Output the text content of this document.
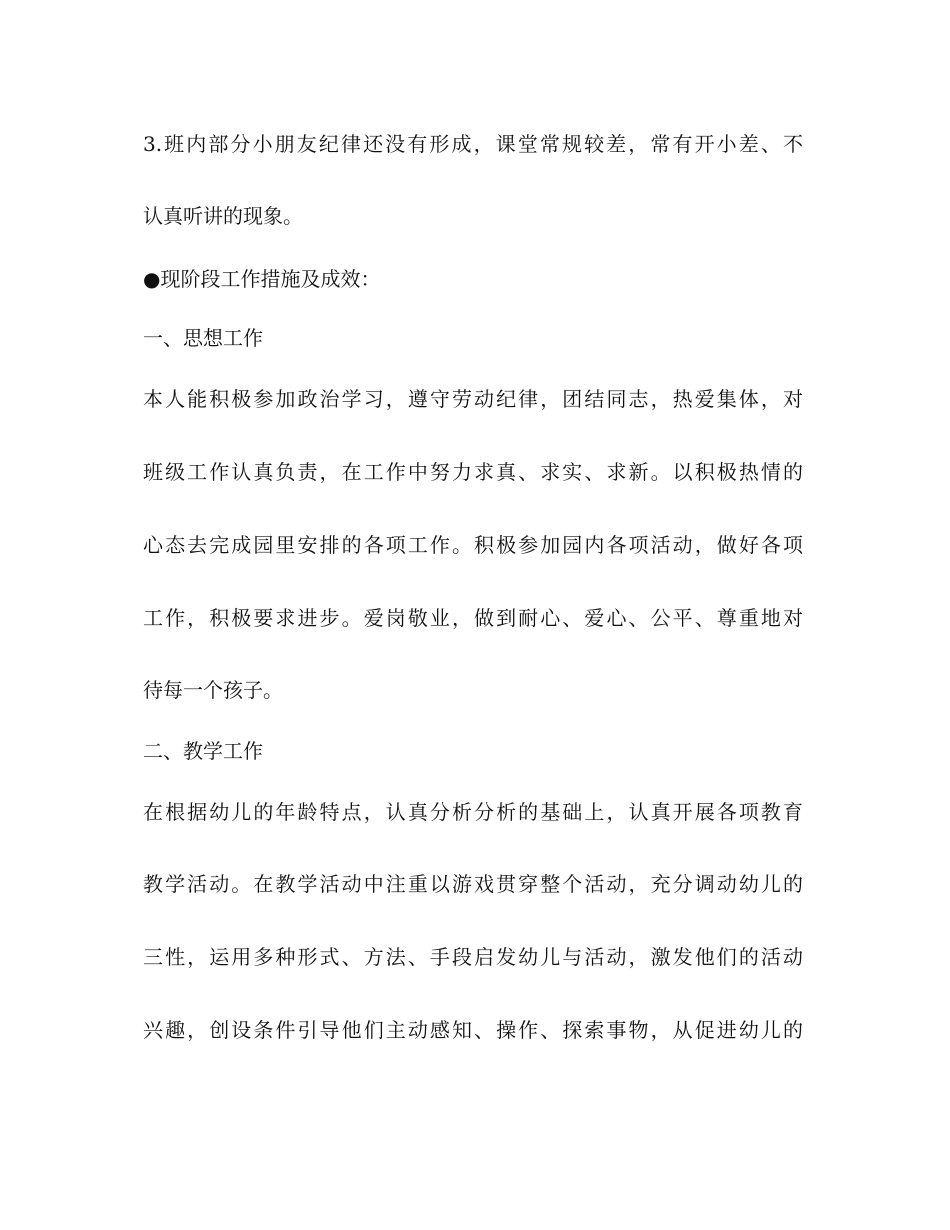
3.班内部分小朋友纪律还没有形成，课堂常规较差，常有开小差、不
认真听讲的现象。
●现阶段工作措施及成效：
一、思想工作
本人能积极参加政治学习，遵守劳动纪律，团结同志，热爱集体，对
班级工作认真负责，在工作中努力求真、求实、求新。以积极热情的
心态去完成园里安排的各项工作。积极参加园内各项活动，做好各项
工作，积极要求进步。爱岗敬业，做到耐心、爱心、公平、尊重地对
待每一个孩子。
二、教学工作
在根据幼儿的年龄特点，认真分析分析的基础上，认真开展各项教育
教学活动。在教学活动中注重以游戏贯穿整个活动，充分调动幼儿的
三性，运用多种形式、方法、手段启发幼儿与活动，激发他们的活动
兴趣，创设条件引导他们主动感知、操作、探索事物，从促进幼儿的
